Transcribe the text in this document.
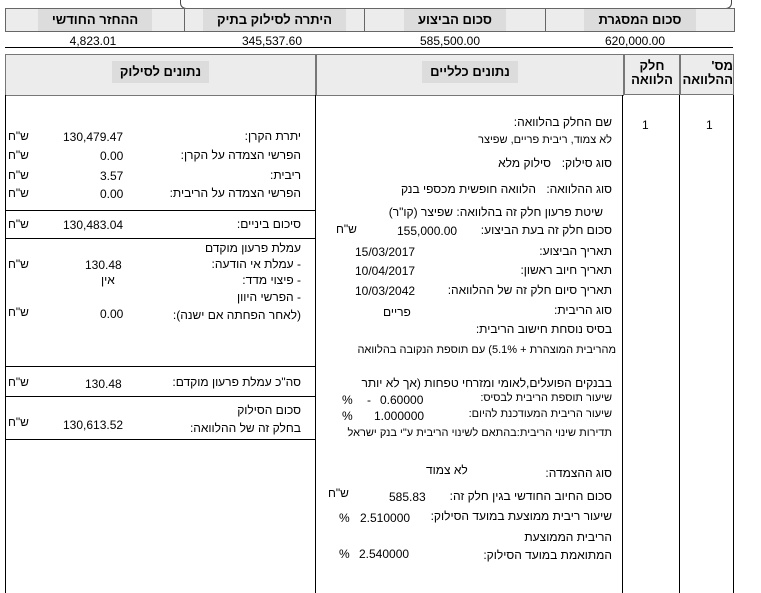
סכום המסגרת
סכום הביצוע
היתרה לסילוק בתיק
ההחזר החודשי
620,000.00
585,500.00
345,537.60
4,823.01
מס' ההלוואה
חלק הלוואה
נתונים כלליים
נתונים לסילוק
1
1
שם החלק בהלוואה:
לא צמוד, ריבית פריים, שפיצר
סוג סילוק:
סילוק מלא
סוג ההלוואה:
הלוואה חופשית מכספי בנק
שיטת פרעון חלק זה בהלוואה: שפיצר (קו"ר)
סכום חלק זה בעת הביצוע:
155,000.00
ש"ח
תאריך הביצוע:
15/03/2017
תאריך חיוב ראשון:
10/04/2017
תאריך סיום חלק זה של ההלוואה:
10/03/2042
סוג הריבית:
פריים
בסיס נוסחת חישוב הריבית:
מהריבית המוצהרת + 5.1%) עם תוספת הנקובה בהלוואה
בבנקים הפועלים,לאומי ומזרחי טפחות (אך לא יותר
שיעור תוספת הריבית לבסיס:
0.60000
-
%
שיעור הריבית המעודכנת להיום:
1.000000
%
תדירות שינוי הריבית:בהתאם לשינוי הריבית ע"י בנק ישראל
סוג ההצמדה:
לא צמוד
סכום החיוב החודשי בגין חלק זה:
585.83
ש"ח
שיעור ריבית ממוצעת במועד הסילוק:
2.510000
%
הריבית הממוצעת
המתואמת במועד הסילוק:
2.540000
%
יתרת הקרן:
130,479.47
ש"ח
הפרשי הצמדה על הקרן:
0.00
ש"ח
ריבית:
3.57
ש"ח
הפרשי הצמדה על הריבית:
0.00
ש"ח
סיכום ביניים:
130,483.04
ש"ח
עמלת פרעון מוקדם
- עמלת אי הודעה:
130.48
ש"ח
- פיצוי מדד:
אין
- הפרשי היוון
(לאחר הפחתה אם ישנה):
0.00
ש"ח
סה"כ עמלת פרעון מוקדם:
130.48
ש"ח
סכום הסילוק
בחלק זה של ההלוואה:
130,613.52
ש"ח
